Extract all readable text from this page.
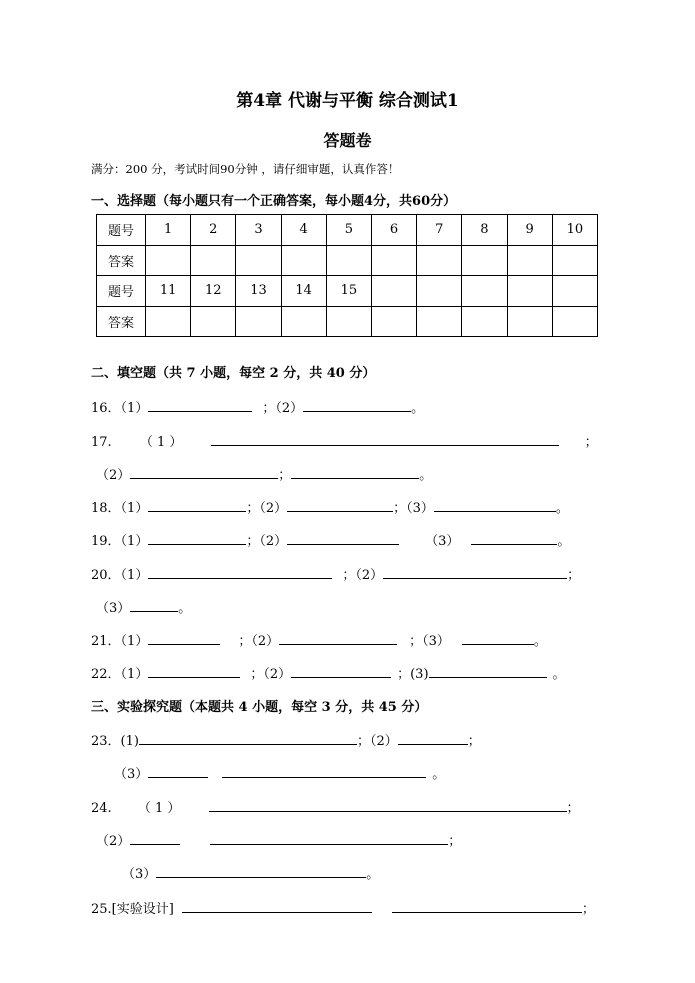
第4章 代谢与平衡 综合测试1
答题卷
满分：200 分，考试时间90分钟 ，请仔细审题，认真作答！
一、选择题（每小题只有一个正确答案，每小题4分，共60分）
题号	1	2	3	4	5	6	7	8	9	10
答案										
题号	11	12	13	14	15					
答案										
二、填空题（共 7 小题，每空 2 分，共 40 分）
16．（1）	；（2）	。
17. （ 1 ）	；
（2）	；	。
18．（1）	；（2）	；（3）	。
19．（1）	；（2）	（3）	。
20．（1）	；（2）	；
（3）	。
21．（1）	；（2）	；（3）	。
22．（1）	；（2）	；(3)	。
三、实验探究题（本题共 4 小题，每空 3 分，共 45 分）
23．(1)	；（2）	；
（3）	。
24. （ 1 ）	；
（2）	；
（3）	。
25.[实验设计]	；
